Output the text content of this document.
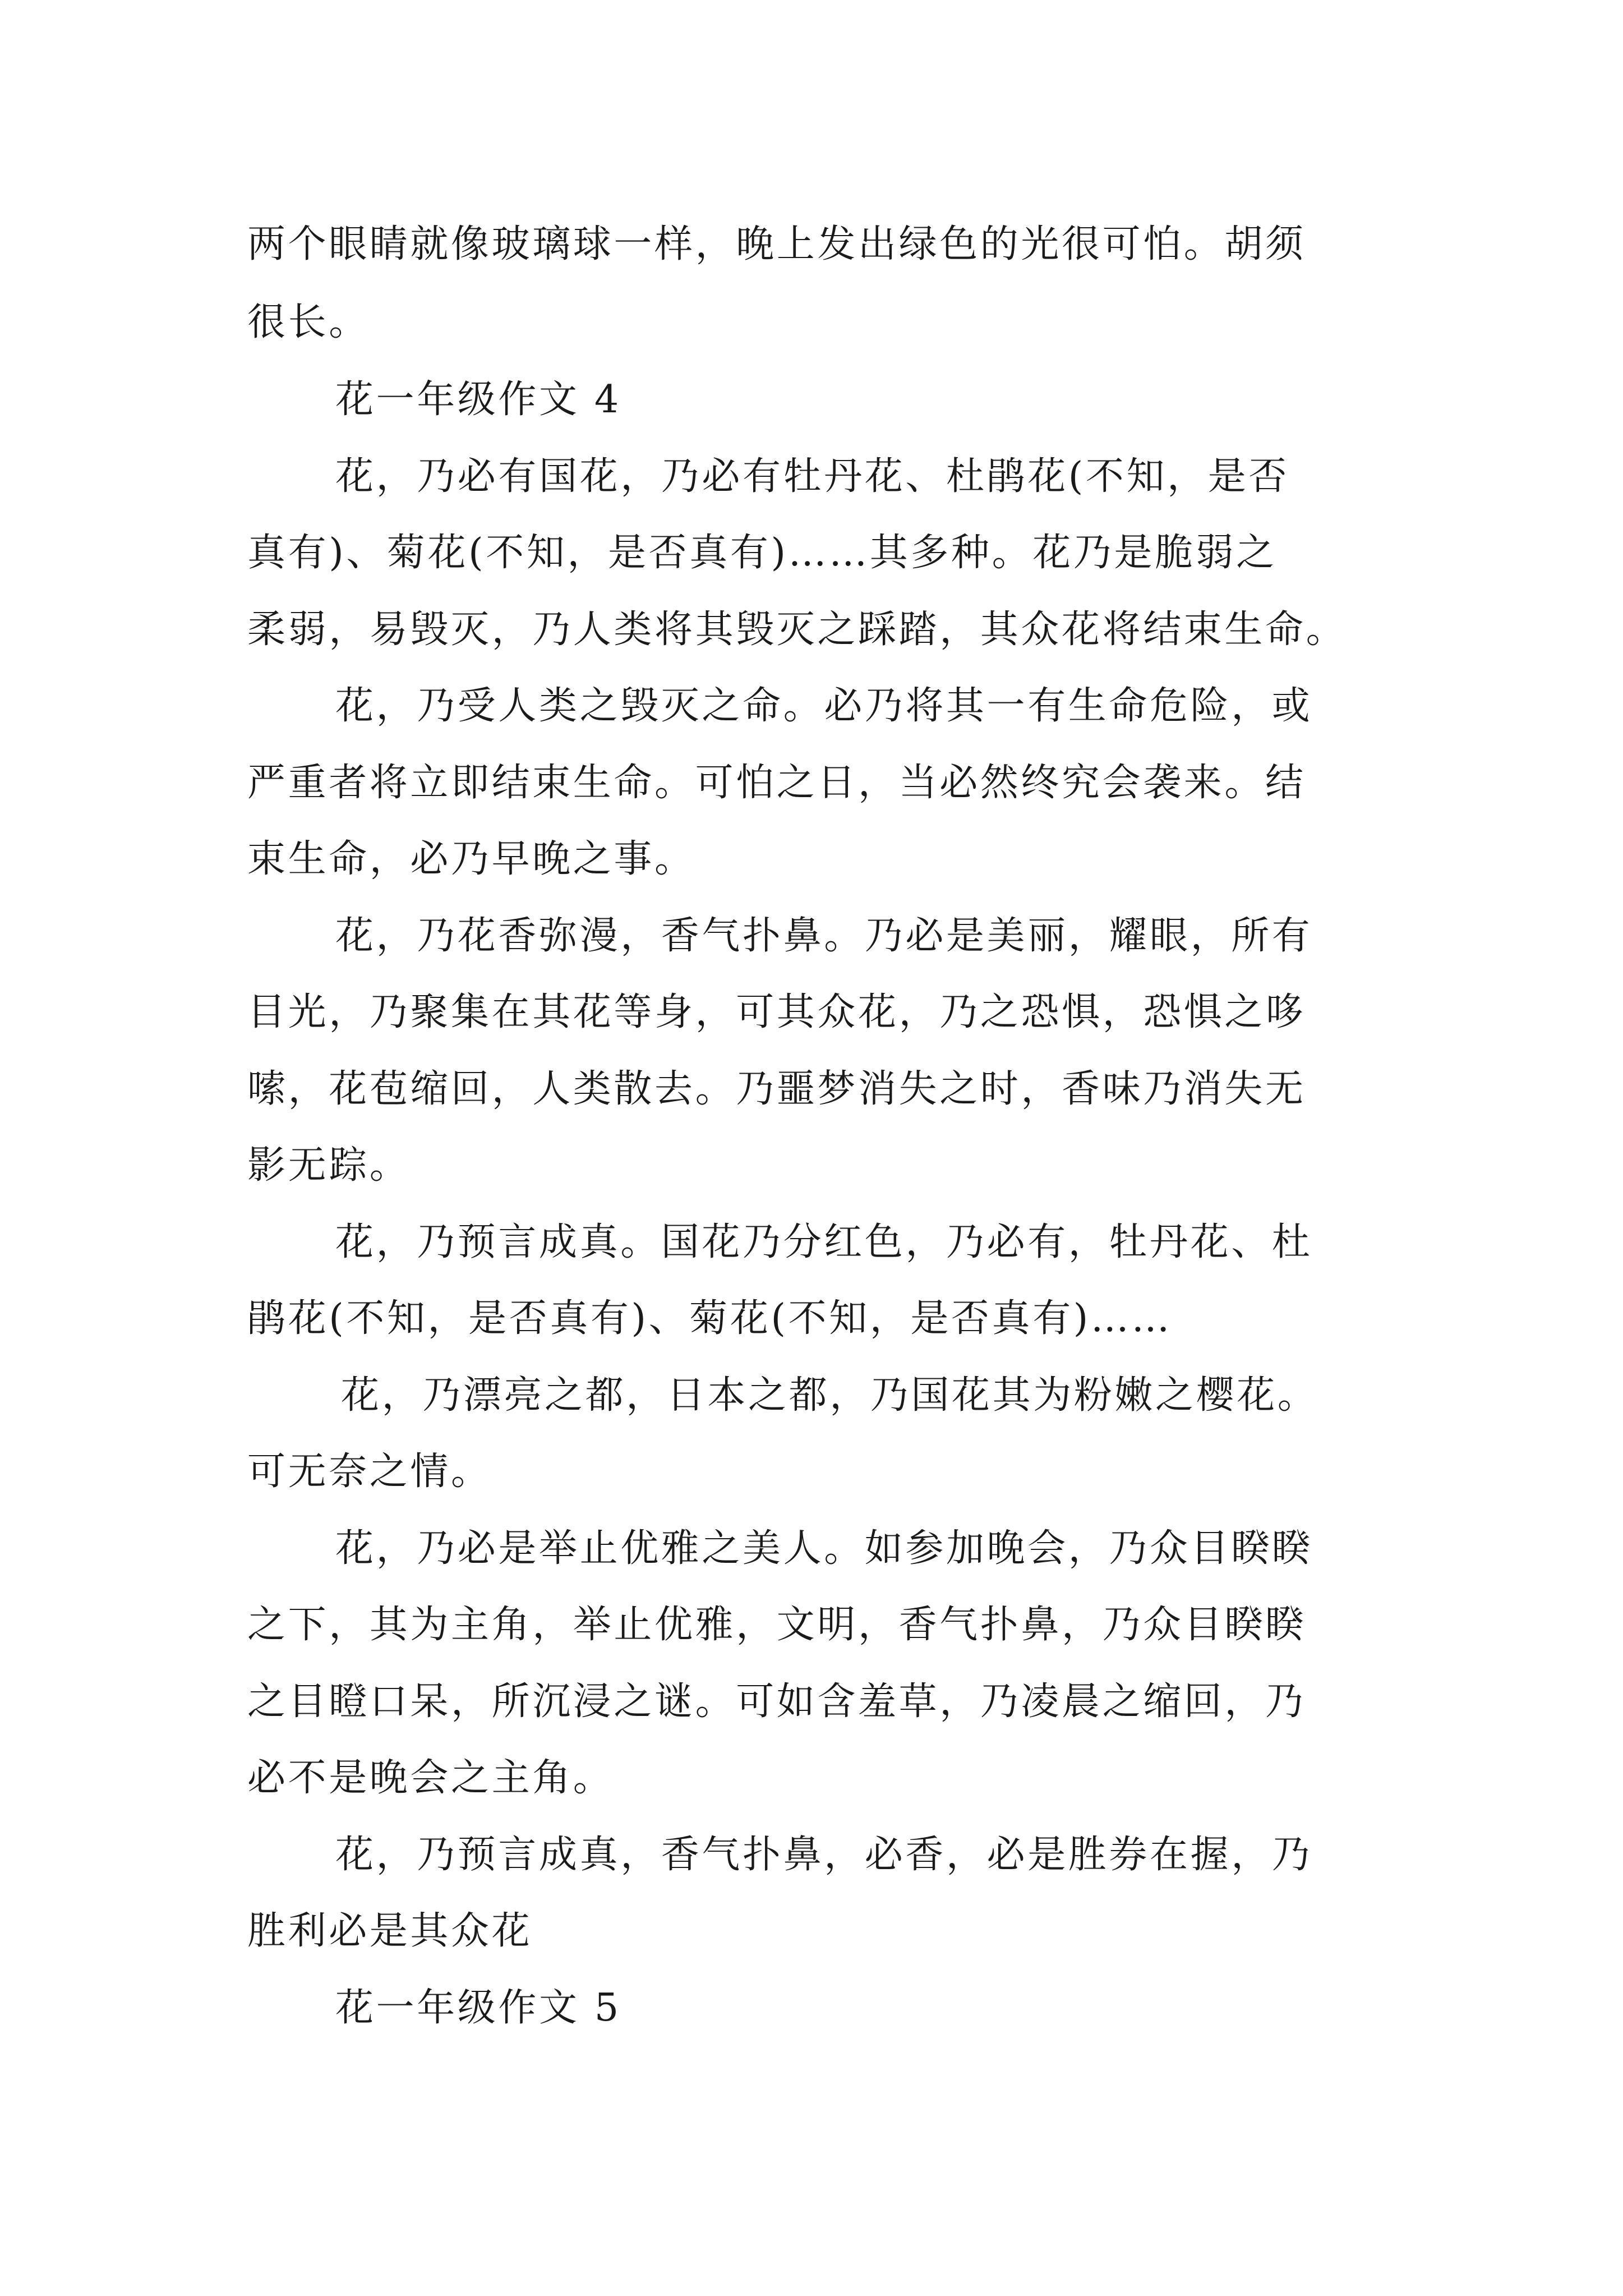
两个眼睛就像玻璃球一样，晚上发出绿色的光很可怕。胡须
很长。
花一年级作文 4
花，乃必有国花，乃必有牡丹花、杜鹃花(不知，是否
真有)、菊花(不知，是否真有)……其多种。花乃是脆弱之
柔弱，易毁灭，乃人类将其毁灭之踩踏，其众花将结束生命。
花，乃受人类之毁灭之命。必乃将其一有生命危险，或
严重者将立即结束生命。可怕之日，当必然终究会袭来。结
束生命，必乃早晚之事。
花，乃花香弥漫，香气扑鼻。乃必是美丽，耀眼，所有
目光，乃聚集在其花等身，可其众花，乃之恐惧，恐惧之哆
嗦，花苞缩回，人类散去。乃噩梦消失之时，香味乃消失无
影无踪。
花，乃预言成真。国花乃分红色，乃必有，牡丹花、杜
鹃花(不知，是否真有)、菊花(不知，是否真有)……
花，乃漂亮之都，日本之都，乃国花其为粉嫩之樱花。
可无奈之情。
花，乃必是举止优雅之美人。如参加晚会，乃众目睽睽
之下，其为主角，举止优雅，文明，香气扑鼻，乃众目睽睽
之目瞪口呆，所沉浸之谜。可如含羞草，乃凌晨之缩回，乃
必不是晚会之主角。
花，乃预言成真，香气扑鼻，必香，必是胜券在握，乃
胜利必是其众花
花一年级作文 5
